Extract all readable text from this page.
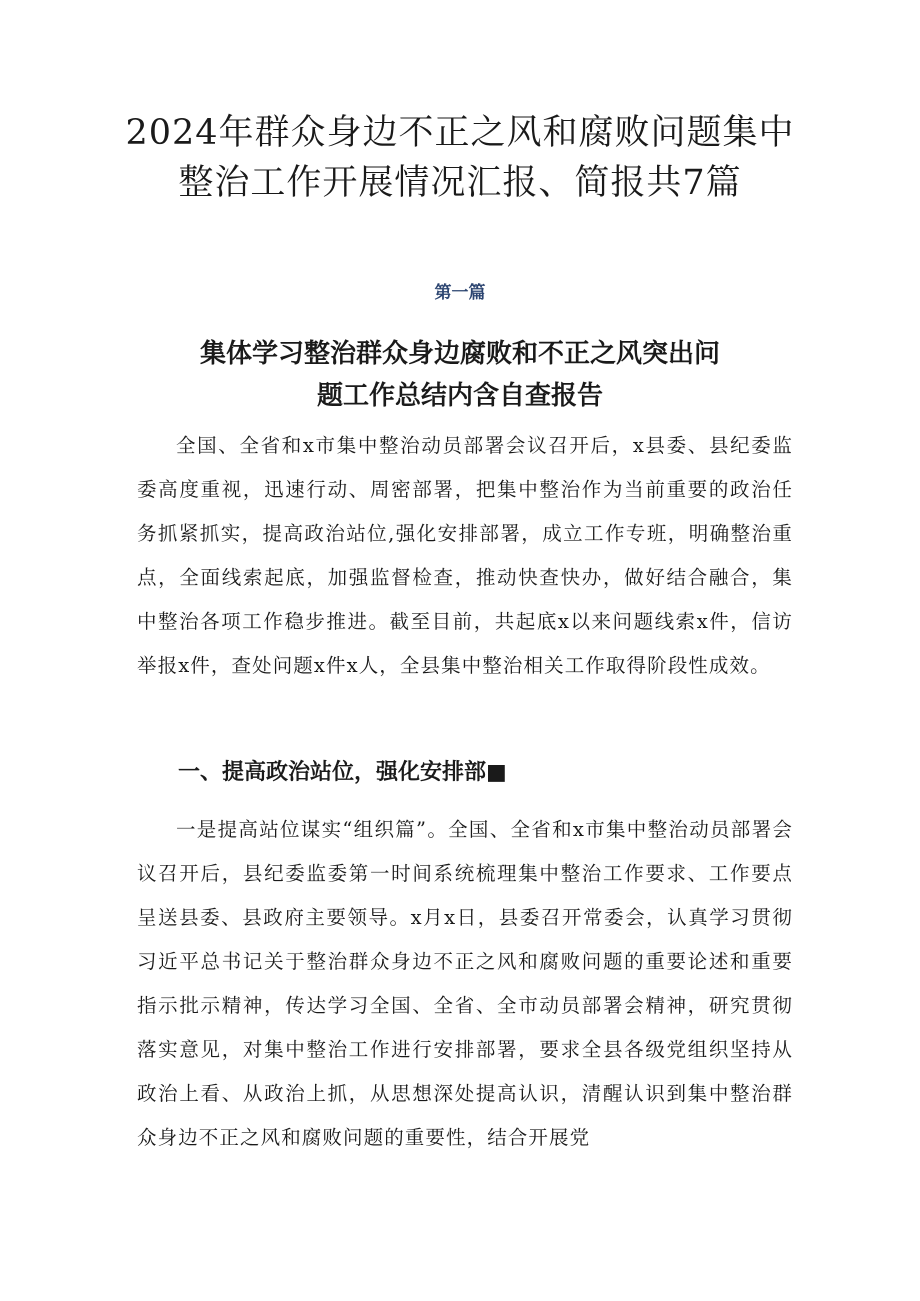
2024年群众身边不正之风和腐败问题集中
整治工作开展情况汇报、简报共7篇
第一篇
集体学习整治群众身边腐败和不正之风突出问
题工作总结内含自查报告

全国、全省和x市集中整治动员部署会议召开后，x县委、县纪委监委高度重视，迅速行动、周密部署，把集中整治作为当前重要的政治任务抓紧抓实，提高政治站位,强化安排部署，成立工作专班，明确整治重点，全面线索起底，加强监督检查，推动快查快办，做好结合融合，集中整治各项工作稳步推进。截至目前，共起底x以来问题线索x件，信访举报x件，查处问题x件x人，全县集中整治相关工作取得阶段性成效。

一、提高政治站位，强化安排部■

一是提高站位谋实“组织篇”。全国、全省和x市集中整治动员部署会议召开后，县纪委监委第一时间系统梳理集中整治工作要求、工作要点呈送县委、县政府主要领导。x月x日，县委召开常委会，认真学习贯彻习近平总书记关于整治群众身边不正之风和腐败问题的重要论述和重要指示批示精神，传达学习全国、全省、全市动员部署会精神，研究贯彻落实意见，对集中整治工作进行安排部署，要求全县各级党组织坚持从政治上看、从政治上抓，从思想深处提高认识，清醒认识到集中整治群众身边不正之风和腐败问题的重要性，结合开展党
